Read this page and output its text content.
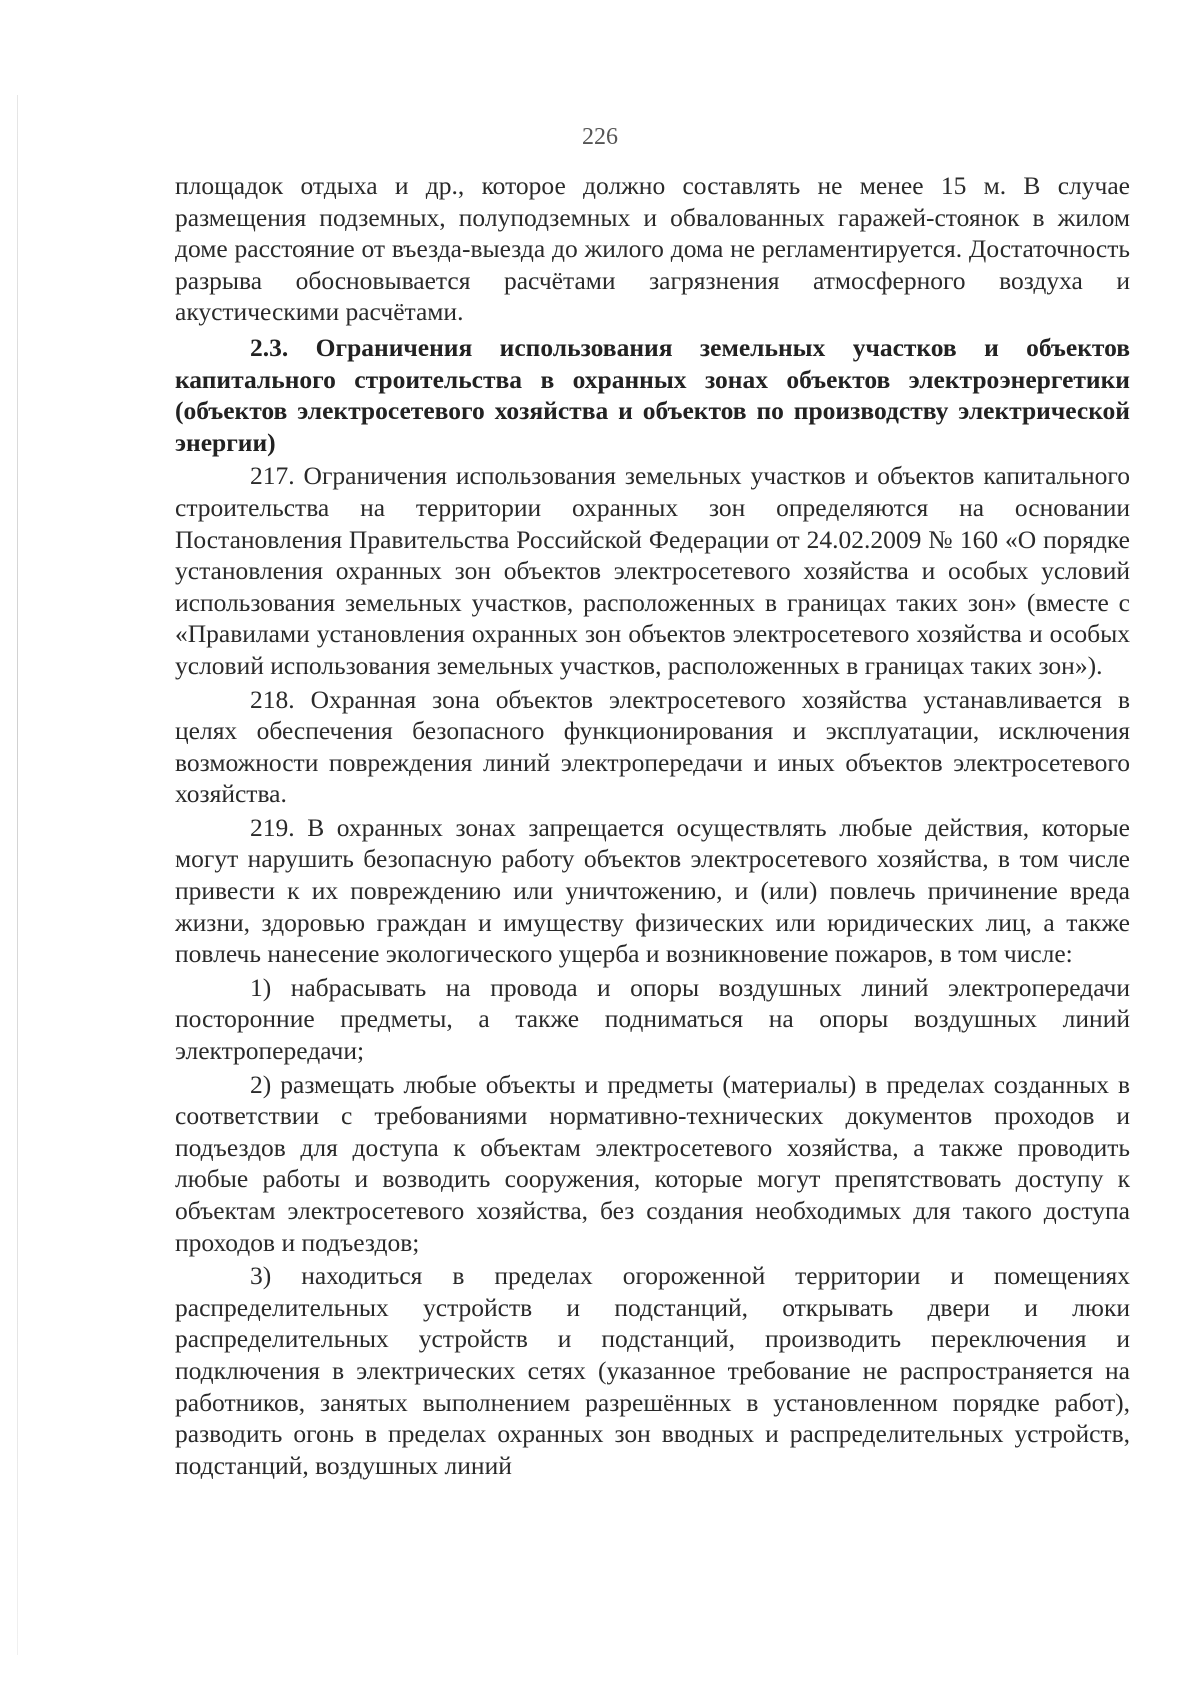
226

площадок отдыха и др., которое должно составлять не менее 15 м. В случае размещения подземных, полуподземных и обвалованных гаражей-стоянок в жилом доме расстояние от въезда-выезда до жилого дома не регламентируется. Достаточность разрыва обосновывается расчётами загрязнения атмосферного воздуха и акустическими расчётами.

2.3. Ограничения использования земельных участков и объектов капитального строительства в охранных зонах объектов электроэнергетики (объектов электросетевого хозяйства и объектов по производству электрической энергии)

217. Ограничения использования земельных участков и объектов капитального строительства на территории охранных зон определяются на основании Постановления Правительства Российской Федерации от 24.02.2009 № 160 «О порядке установления охранных зон объектов электросетевого хозяйства и особых условий использования земельных участков, расположенных в границах таких зон» (вместе с «Правилами установления охранных зон объектов электросетевого хозяйства и особых условий использования земельных участков, расположенных в границах таких зон»).

218. Охранная зона объектов электросетевого хозяйства устанавливается в целях обеспечения безопасного функционирования и эксплуатации, исключения возможности повреждения линий электропередачи и иных объектов электросетевого хозяйства.

219. В охранных зонах запрещается осуществлять любые действия, которые могут нарушить безопасную работу объектов электросетевого хозяйства, в том числе привести к их повреждению или уничтожению, и (или) повлечь причинение вреда жизни, здоровью граждан и имуществу физических или юридических лиц, а также повлечь нанесение экологического ущерба и возникновение пожаров, в том числе:

1) набрасывать на провода и опоры воздушных линий электропередачи посторонние предметы, а также подниматься на опоры воздушных линий электропередачи;

2) размещать любые объекты и предметы (материалы) в пределах созданных в соответствии с требованиями нормативно-технических документов проходов и подъездов для доступа к объектам электросетевого хозяйства, а также проводить любые работы и возводить сооружения, которые могут препятствовать доступу к объектам электросетевого хозяйства, без создания необходимых для такого доступа проходов и подъездов;

3) находиться в пределах огороженной территории и помещениях распределительных устройств и подстанций, открывать двери и люки распределительных устройств и подстанций, производить переключения и подключения в электрических сетях (указанное требование не распространяется на работников, занятых выполнением разрешённых в установленном порядке работ), разводить огонь в пределах охранных зон вводных и распределительных устройств, подстанций, воздушных линий
